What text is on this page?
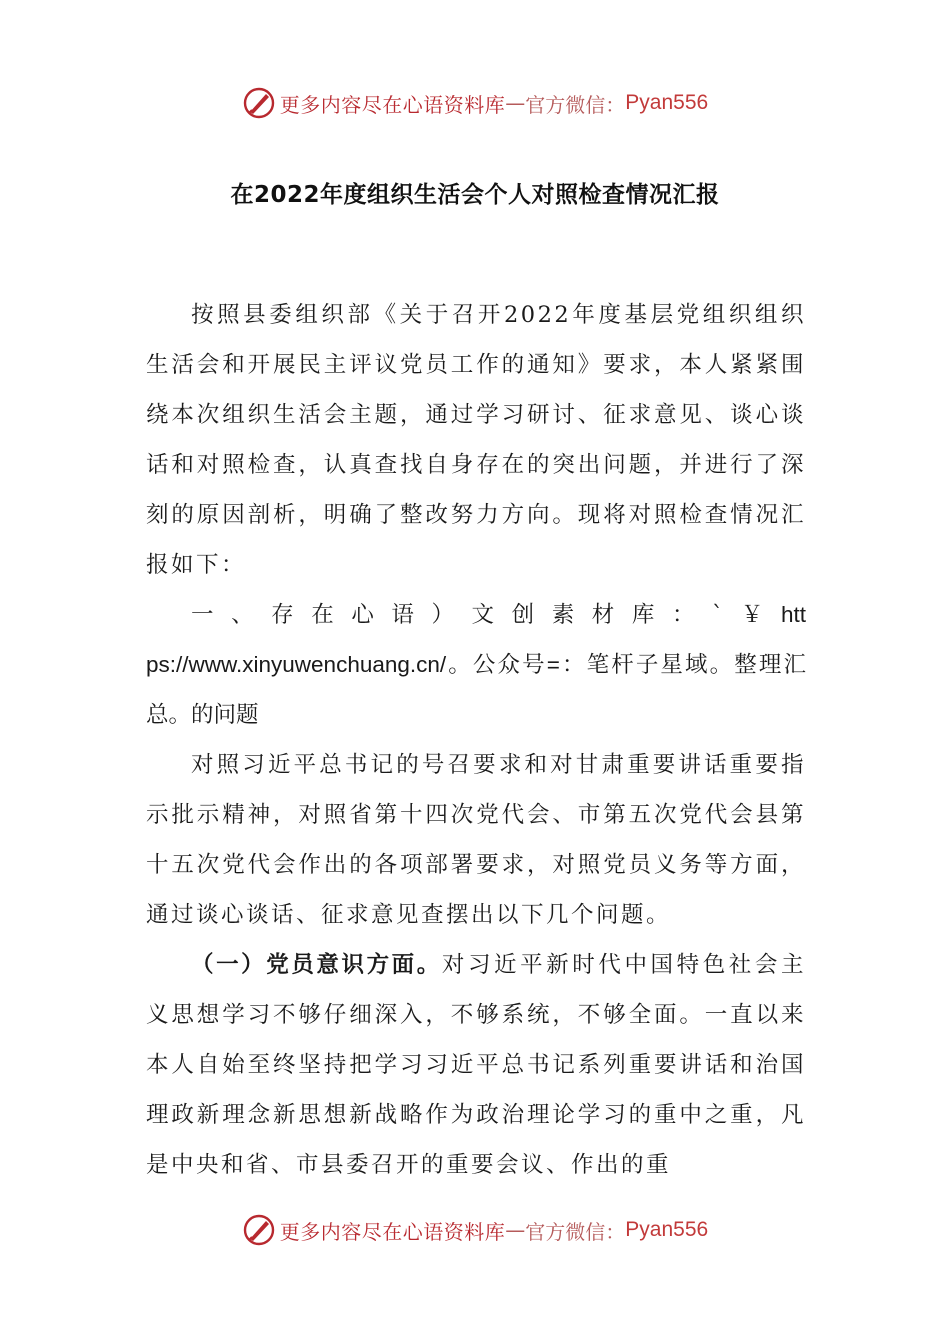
更多内容尽在心语资料库 — 官方微信： Pyan556
在2022年度组织生活会个人对照检查情况汇报

按照县委组织部《关于召开2022年度基层党组织组织生活会和开展民主评议党员工作的通知》要求，本人紧紧围绕本次组织生活会主题，通过学习研讨、征求意见、谈心谈话和对照检查，认真查找自身存在的突出问题，并进行了深刻的原因剖析，明确了整改努力方向。现将对照检查情况汇报如下：

一、存在心语）文创素材库：`￥https://www.xinyuwenchuang.cn/。公众号=：笔杆子星域。整理汇总。的问题

对照习近平总书记的号召要求和对甘肃重要讲话重要指示批示精神，对照省第十四次党代会、市第五次党代会县第十五次党代会作出的各项部署要求，对照党员义务等方面，通过谈心谈话、征求意见查摆出以下几个问题。

（一）党员意识方面。对习近平新时代中国特色社会主义思想学习不够仔细深入，不够系统，不够全面。一直以来本人自始至终坚持把学习习近平总书记系列重要讲话和治国理政新理念新思想新战略作为政治理论学习的重中之重，凡是中央和省、市县委召开的重要会议、作出的重

更多内容尽在心语资料库 — 官方微信： Pyan556
